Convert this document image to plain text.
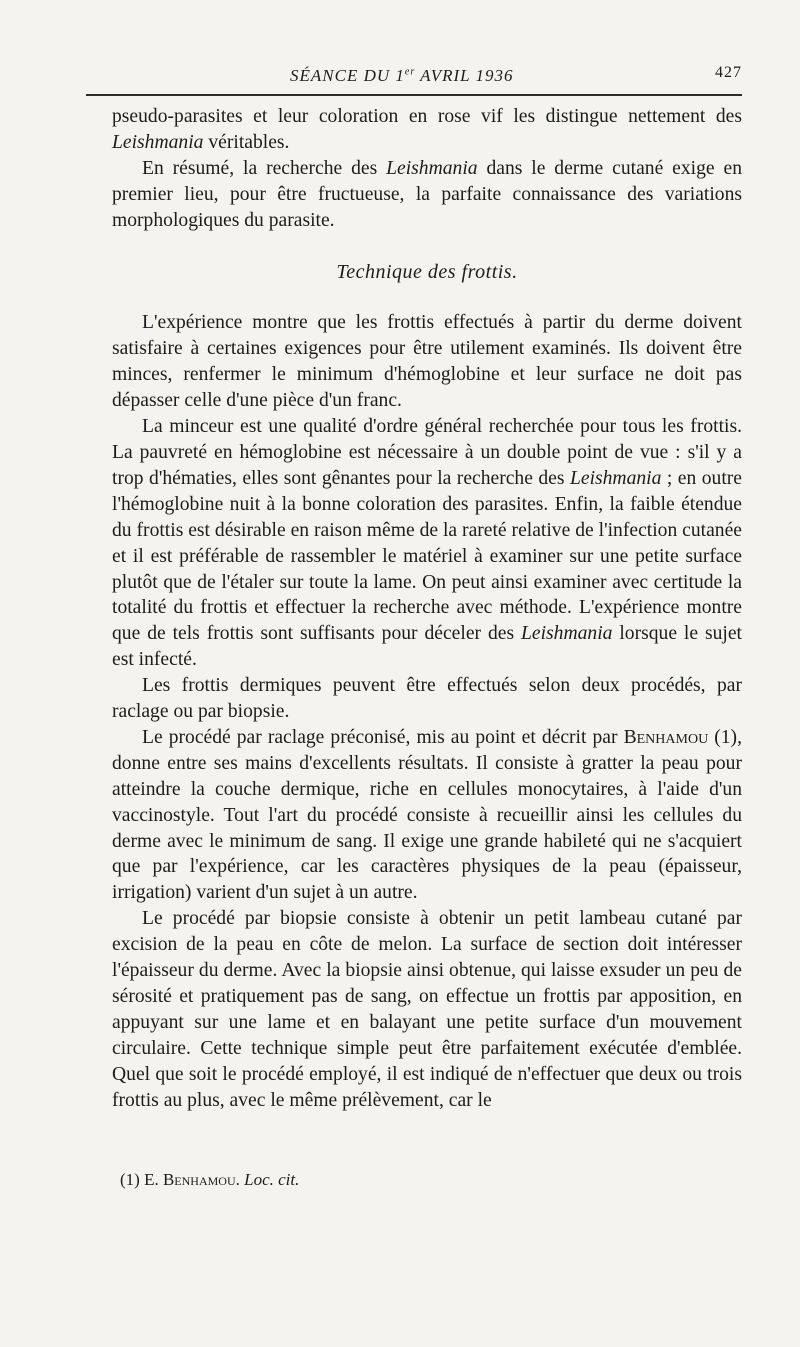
SÉANCE DU 1er AVRIL 1936	427

pseudo-parasites et leur coloration en rose vif les distingue nettement des Leishmania véritables.

En résumé, la recherche des Leishmania dans le derme cutané exige en premier lieu, pour être fructueuse, la parfaite connaissance des variations morphologiques du parasite.

Technique des frottis.

L'expérience montre que les frottis effectués à partir du derme doivent satisfaire à certaines exigences pour être utilement examinés. Ils doivent être minces, renfermer le minimum d'hémoglobine et leur surface ne doit pas dépasser celle d'une pièce d'un franc.

La minceur est une qualité d'ordre général recherchée pour tous les frottis. La pauvreté en hémoglobine est nécessaire à un double point de vue : s'il y a trop d'hématies, elles sont gênantes pour la recherche des Leishmania ; en outre l'hémoglobine nuit à la bonne coloration des parasites. Enfin, la faible étendue du frottis est désirable en raison même de la rareté relative de l'infection cutanée et il est préférable de rassembler le matériel à examiner sur une petite surface plutôt que de l'étaler sur toute la lame. On peut ainsi examiner avec certitude la totalité du frottis et effectuer la recherche avec méthode. L'expérience montre que de tels frottis sont suffisants pour déceler des Leishmania lorsque le sujet est infecté.

Les frottis dermiques peuvent être effectués selon deux procédés, par raclage ou par biopsie.

Le procédé par raclage préconisé, mis au point et décrit par Benhamou (1), donne entre ses mains d'excellents résultats. Il consiste à gratter la peau pour atteindre la couche dermique, riche en cellules monocytaires, à l'aide d'un vaccinostyle. Tout l'art du procédé consiste à recueillir ainsi les cellules du derme avec le minimum de sang. Il exige une grande habileté qui ne s'acquiert que par l'expérience, car les caractères physiques de la peau (épaisseur, irrigation) varient d'un sujet à un autre.

Le procédé par biopsie consiste à obtenir un petit lambeau cutané par excision de la peau en côte de melon. La surface de section doit intéresser l'épaisseur du derme. Avec la biopsie ainsi obtenue, qui laisse exsuder un peu de sérosité et pratiquement pas de sang, on effectue un frottis par apposition, en appuyant sur une lame et en balayant une petite surface d'un mouvement circulaire. Cette technique simple peut être parfaitement exécutée d'emblée. Quel que soit le procédé employé, il est indiqué de n'effectuer que deux ou trois frottis au plus, avec le même prélèvement, car le

(1) E. Benhamou. Loc. cit.
